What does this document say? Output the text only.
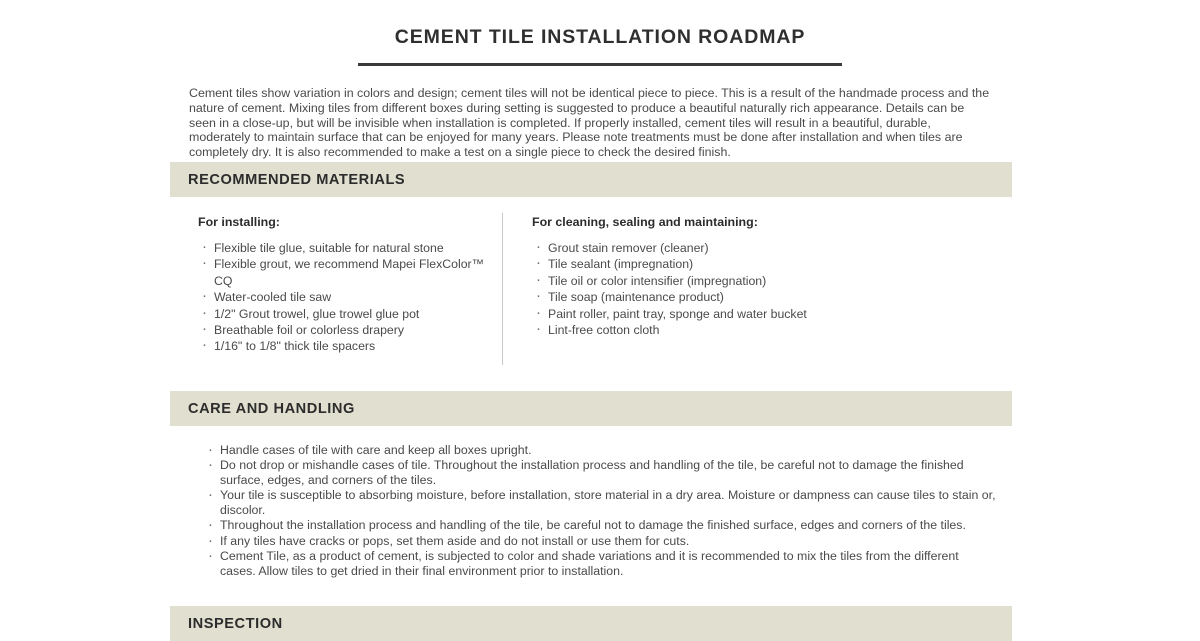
CEMENT TILE INSTALLATION ROADMAP

Cement tiles show variation in colors and design; cement tiles will not be identical piece to piece. This is a result of the handmade process and the nature of cement. Mixing tiles from different boxes during setting is suggested to produce a beautiful naturally rich appearance. Details can be seen in a close-up, but will be invisible when installation is completed. If properly installed, cement tiles will result in a beautiful, durable, moderately to maintain surface that can be enjoyed for many years. Please note treatments must be done after installation and when tiles are completely dry. It is also recommended to make a test on a single piece to check the desired finish.

RECOMMENDED MATERIALS
For installing:
· Flexible tile glue, suitable for natural stone
· Flexible grout, we recommend Mapei FlexColor™ CQ
· Water-cooled tile saw
· 1/2" Grout trowel, glue trowel glue pot
· Breathable foil or colorless drapery
· 1/16" to 1/8" thick tile spacers
For cleaning, sealing and maintaining:
· Grout stain remover (cleaner)
· Tile sealant (impregnation)
· Tile oil or color intensifier (impregnation)
· Tile soap (maintenance product)
· Paint roller, paint tray, sponge and water bucket
· Lint-free cotton cloth
CARE AND HANDLING
· Handle cases of tile with care and keep all boxes upright.
· Do not drop or mishandle cases of tile. Throughout the installation process and handling of the tile, be careful not to damage the finished surface, edges, and corners of the tiles.
· Your tile is susceptible to absorbing moisture, before installation, store material in a dry area. Moisture or dampness can cause tiles to stain or, discolor.
· Throughout the installation process and handling of the tile, be careful not to damage the finished surface, edges and corners of the tiles.
· If any tiles have cracks or pops, set them aside and do not install or use them for cuts.
· Cement Tile, as a product of cement, is subjected to color and shade variations and it is recommended to mix the tiles from the different cases. Allow tiles to get dried in their final environment prior to installation.
INSPECTION
